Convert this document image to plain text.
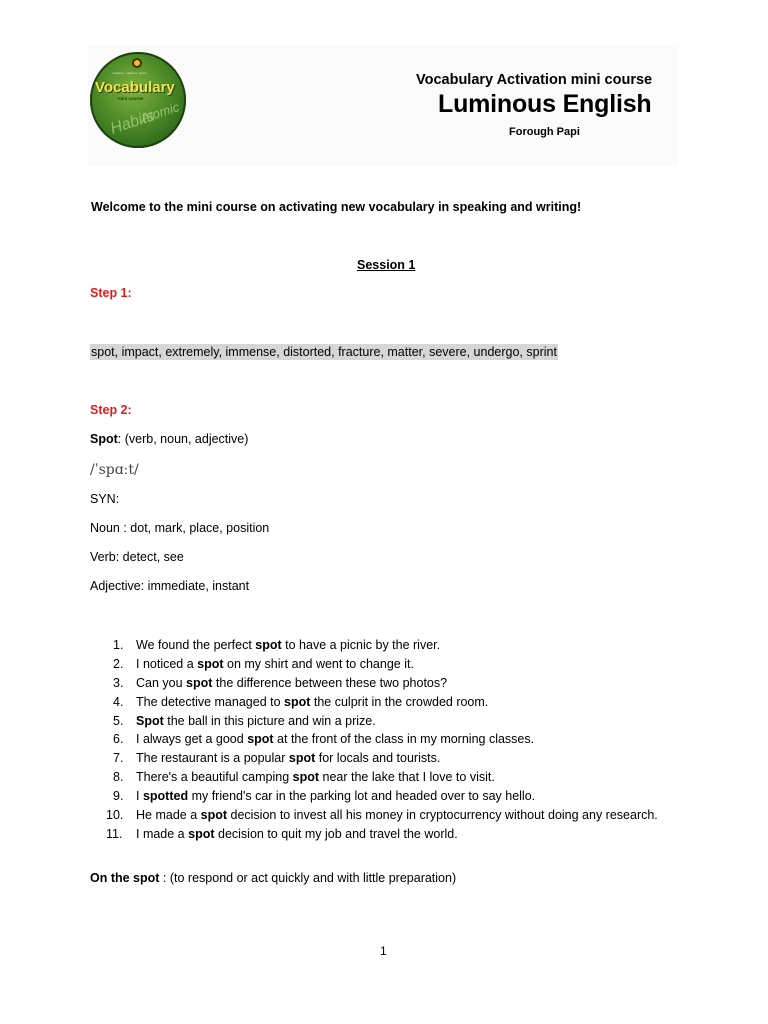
imagine, explore, grow
Vocabulary
mini course
Atomic
Habits
Vocabulary Activation mini course
Luminous English
Forough Papi
Welcome to the mini course on activating new vocabulary in speaking and writing!
Session 1
Step 1:
spot, impact, extremely, immense, distorted, fracture, matter, severe, undergo, sprint
Step 2:
Spot: (verb, noun, adjective)
/ˈspɑːt/
SYN:
Noun : dot, mark, place, position
Verb: detect, see
Adjective: immediate, instant
1. We found the perfect spot to have a picnic by the river.
2. I noticed a spot on my shirt and went to change it.
3. Can you spot the difference between these two photos?
4. The detective managed to spot the culprit in the crowded room.
5. Spot the ball in this picture and win a prize.
6. I always get a good spot at the front of the class in my morning classes.
7. The restaurant is a popular spot for locals and tourists.
8. There's a beautiful camping spot near the lake that I love to visit.
9. I spotted my friend's car in the parking lot and headed over to say hello.
10. He made a spot decision to invest all his money in cryptocurrency without doing any research.
11. I made a spot decision to quit my job and travel the world.
On the spot : (to respond or act quickly and with little preparation)
1
